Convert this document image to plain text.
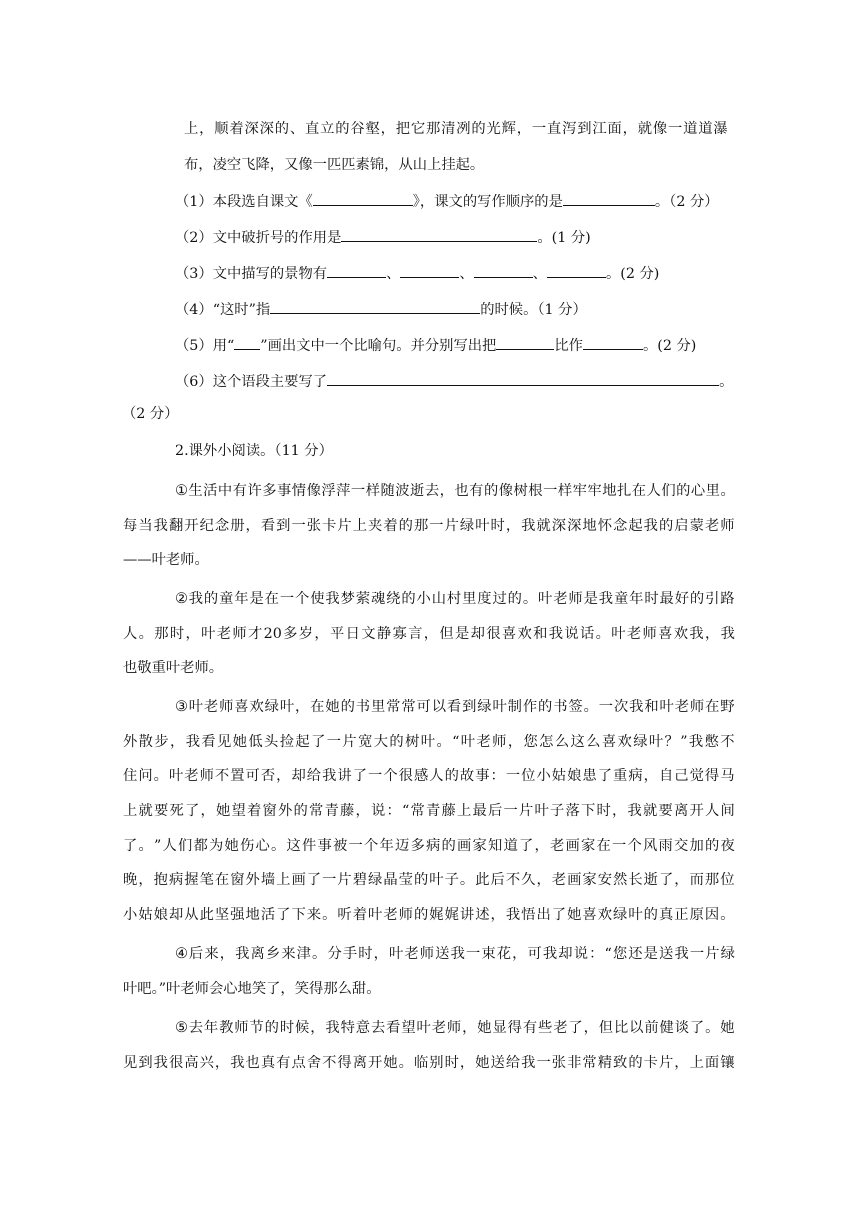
上 ， 顺 着 深 深 的 、 直 立 的 谷 壑 ， 把 它 那 清 冽 的 光 辉 ， 一 直 泻 到 江 面 ， 就 像 一 道 道 瀑
布，凌空飞降，又像一匹匹素锦，从山上挂起。
（1）本段选自课文《	》，课文的写作顺序的是	。（2 分）
（2）文中破折号的作用是	。(1 分)
（3）文中描写的景物有	、	、	、	。(2 分)
（4）“这时”指	的时候。（1 分）
（5）用“ ”画出文中一个比喻句。并分别写出把	比作	。(2 分)
（6）这个语段主要写了	。
（2 分）
2.课外小阅读。（11 分）
① 生 活 中 有 许 多 事 情 像 浮 萍 一 样 随 波 逝 去 ， 也 有 的 像 树 根 一 样 牢 牢 地 扎 在 人 们 的 心 里 。
每 当 我 翻 开 纪 念 册 ， 看 到 一 张 卡 片 上 夹 着 的 那 一 片 绿 叶 时 ， 我 就 深 深 地 怀 念 起 我 的 启 蒙 老 师
——叶老师。
② 我 的 童 年 是 在 一 个 使 我 梦 萦 魂 绕 的 小 山 村 里 度 过 的 。 叶 老 师 是 我 童 年 时 最 好 的 引 路
人 。 那 时 ， 叶 老 师 才 20 多 岁 ， 平 日 文 静 寡 言 ， 但 是 却 很 喜 欢 和 我 说 话 。 叶 老 师 喜 欢 我 ， 我
也敬重叶老师。
③ 叶 老 师 喜 欢 绿 叶 ， 在 她 的 书 里 常 常 可 以 看 到 绿 叶 制 作 的 书 签 。 一 次 我 和 叶 老 师 在 野
外 散 步 ， 我 看 见 她 低 头 捡 起 了 一 片 宽 大 的 树 叶 。 “ 叶 老 师 ， 您 怎 么 这 么 喜 欢 绿 叶 ？ ” 我 憋 不
住 问 。 叶 老 师 不 置 可 否 ， 却 给 我 讲 了 一 个 很 感 人 的 故 事 ： 一 位 小 姑 娘 患 了 重 病 ， 自 己 觉 得 马
上 就 要 死 了 ， 她 望 着 窗 外 的 常 青 藤 ， 说 ： “ 常 青 藤 上 最 后 一 片 叶 子 落 下 时 ， 我 就 要 离 开 人 间
了 。 ” 人 们 都 为 她 伤 心 。 这 件 事 被 一 个 年 迈 多 病 的 画 家 知 道 了 ， 老 画 家 在 一 个 风 雨 交 加 的 夜
晚 ， 抱 病 握 笔 在 窗 外 墙 上 画 了 一 片 碧 绿 晶 莹 的 叶 子 。 此 后 不 久 ， 老 画 家 安 然 长 逝 了 ， 而 那 位
小 姑 娘 却 从 此 坚 强 地 活 了 下 来 。 听 着 叶 老 师 的 娓 娓 讲 述 ， 我 悟 出 了 她 喜 欢 绿 叶 的 真 正 原 因 。
④ 后 来 ， 我 离 乡 来 津 。 分 手 时 ， 叶 老 师 送 我 一 束 花 ， 可 我 却 说 ： “ 您 还 是 送 我 一 片 绿
叶吧。”叶老师会心地笑了，笑得那么甜。
⑤ 去 年 教 师 节 的 时 候 ， 我 特 意 去 看 望 叶 老 师 ， 她 显 得 有 些 老 了 ， 但 比 以 前 健 谈 了 。 她
见 到 我 很 高 兴 ， 我 也 真 有 点 舍 不 得 离 开 她 。 临 别 时 ， 她 送 给 我 一 张 非 常 精 致 的 卡 片 ， 上 面 镶
